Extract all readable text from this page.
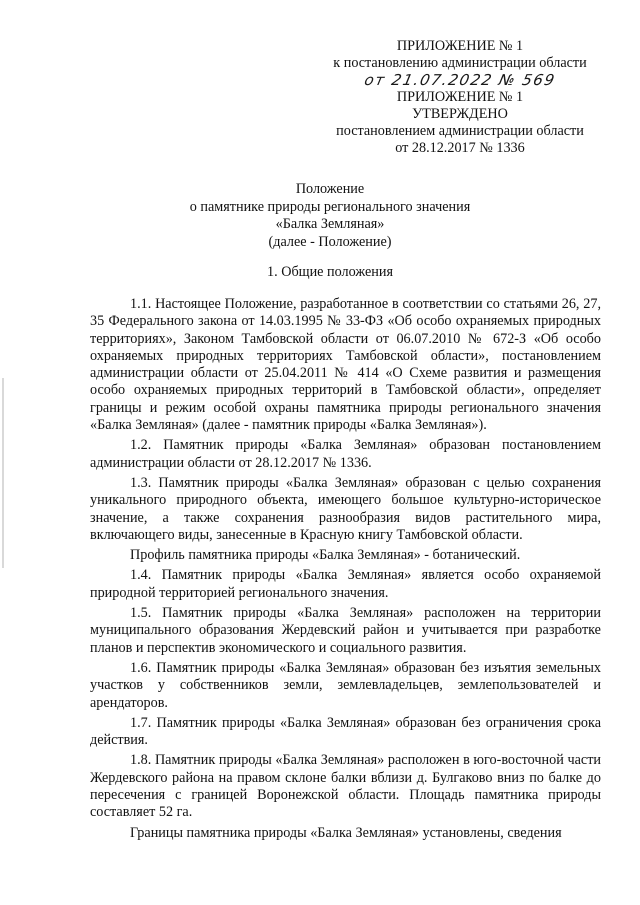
ПРИЛОЖЕНИЕ № 1
к постановлению администрации области
от 21.07.2022 № 569
ПРИЛОЖЕНИЕ № 1
УТВЕРЖДЕНО
постановлением администрации области
от 28.12.2017 № 1336
Положение
о памятнике природы регионального значения
«Балка Земляная»
(далее - Положение)
1. Общие положения

1.1. Настоящее Положение, разработанное в соответствии со статьями 26, 27, 35 Федерального закона от 14.03.1995 № 33-ФЗ «Об особо охраняемых природных территориях», Законом Тамбовской области от 06.07.2010 № 672-З «Об особо охраняемых природных территориях Тамбовской области», постановлением администрации области от 25.04.2011 № 414 «О Схеме развития и размещения особо охраняемых природных территорий в Тамбовской области», определяет границы и режим особой охраны памятника природы регионального значения «Балка Земляная» (далее - памятник природы «Балка Земляная»).

1.2. Памятник природы «Балка Земляная» образован постановлением администрации области от 28.12.2017 № 1336.

1.3. Памятник природы «Балка Земляная» образован с целью сохранения уникального природного объекта, имеющего большое культурно-историческое значение, а также сохранения разнообразия видов растительного мира, включающего виды, занесенные в Красную книгу Тамбовской области.

Профиль памятника природы «Балка Земляная» - ботанический.

1.4. Памятник природы «Балка Земляная» является особо охраняемой природной территорией регионального значения.

1.5. Памятник природы «Балка Земляная» расположен на территории муниципального образования Жердевский район и учитывается при разработке планов и перспектив экономического и социального развития.

1.6. Памятник природы «Балка Земляная» образован без изъятия земельных участков у собственников земли, землевладельцев, землепользователей и арендаторов.

1.7. Памятник природы «Балка Земляная» образован без ограничения срока действия.

1.8. Памятник природы «Балка Земляная» расположен в юго-восточной части Жердевского района на правом склоне балки вблизи д. Булгаково вниз по балке до пересечения с границей Воронежской области. Площадь памятника природы составляет 52 га.

Границы памятника природы «Балка Земляная» установлены, сведения
